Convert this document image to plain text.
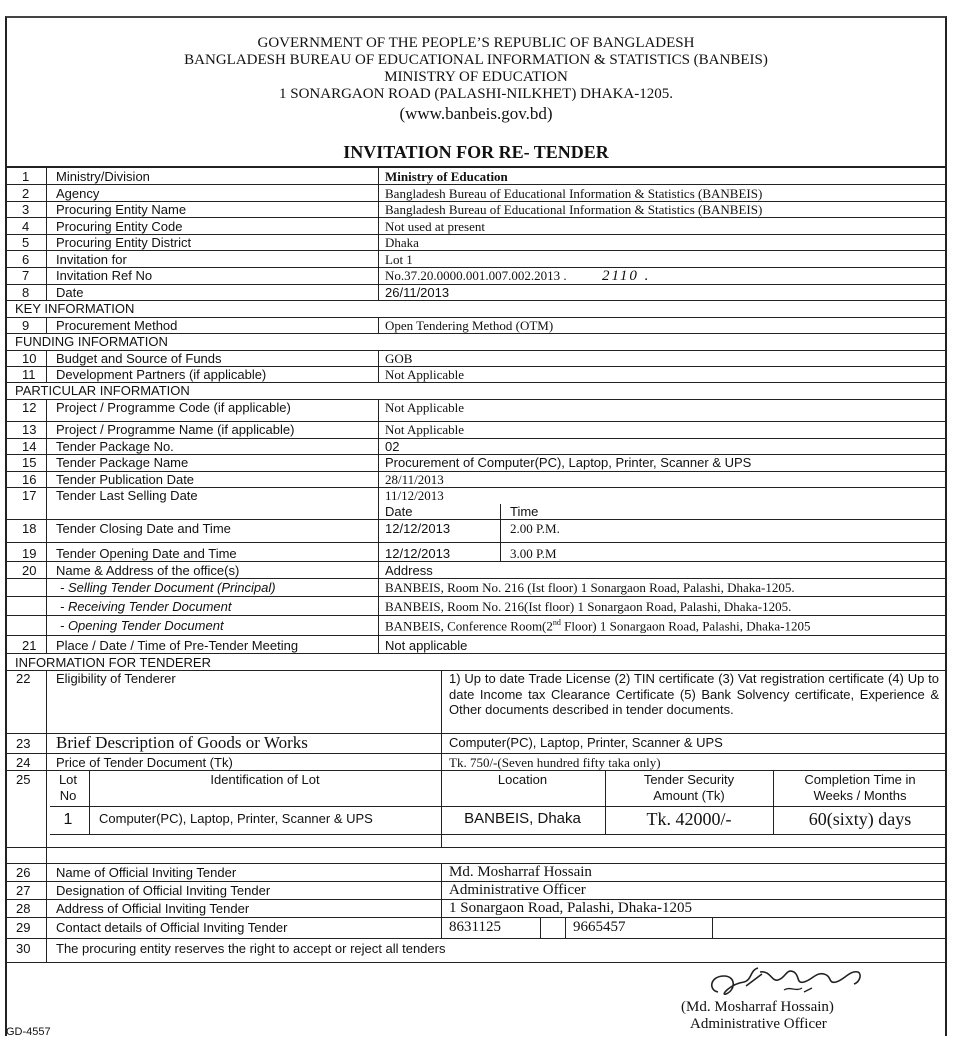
GOVERNMENT OF THE PEOPLE’S REPUBLIC OF BANGLADESH
BANGLADESH BUREAU OF EDUCATIONAL INFORMATION & STATISTICS (BANBEIS)
MINISTRY OF EDUCATION
1 SONARGAON ROAD (PALASHI-NILKHET) DHAKA-1205.
(www.banbeis.gov.bd)
INVITATION FOR RE- TENDER
1 Ministry/Division	Ministry of Education
2 Agency	Bangladesh Bureau of Educational Information & Statistics (BANBEIS)
3 Procuring Entity Name	Bangladesh Bureau of Educational Information & Statistics (BANBEIS)
4 Procuring Entity Code	Not used at present
5 Procuring Entity District	Dhaka
6 Invitation for	Lot 1
7 Invitation Ref No	No.37.20.0000.001.007.002.2013 .
8 Date	26/11/2013
9 Procurement Method	Open Tendering Method (OTM)
10 Budget and Source of Funds	GOB
11 Development Partners (if applicable)	Not Applicable
12 Project / Programme Code (if applicable)	Not Applicable
13 Project / Programme Name (if applicable)	Not Applicable
14 Tender Package No.	02
15 Tender Package Name	Procurement of Computer(PC), Laptop, Printer, Scanner & UPS
16 Tender Publication Date	28/11/2013
17 Tender Last Selling Date	11/12/2013
2110 .
KEY INFORMATION
FUNDING INFORMATION
PARTICULAR INFORMATION
INFORMATION FOR TENDERER
Date	Time
18 Tender Closing Date and Time	12/12/2013	2.00 P.M.
19 Tender Opening Date and Time	12/12/2013	3.00 P.M
20 Name & Address of the office(s)	Address
- Selling Tender Document (Principal)	BANBEIS, Room No. 216 (Ist floor) 1 Sonargaon Road, Palashi, Dhaka-1205.
- Receiving Tender Document	BANBEIS, Room No. 216(Ist floor) 1 Sonargaon Road, Palashi, Dhaka-1205.
- Opening Tender Document	BANBEIS, Conference Room(2nd Floor) 1 Sonargaon Road, Palashi, Dhaka-1205
21 Place / Date / Time of Pre-Tender Meeting	Not applicable
22 Eligibility of Tenderer	1) Up to date Trade License (2) TIN certificate (3) Vat registration certificate (4) Up to date Income tax Clearance Certificate (5) Bank Solvency certificate, Experience & Other documents described in tender documents.
23 Brief Description of Goods or Works	Computer(PC), Laptop, Printer, Scanner & UPS
24 Price of Tender Document (Tk)	Tk. 750/-(Seven hundred fifty taka only)
25 Lot
No
Identification of Lot	Location	Tender Security
Amount (Tk)
Completion Time in
Weeks / Months
1	Computer(PC), Laptop, Printer, Scanner & UPS	BANBEIS, Dhaka	Tk. 42000/-	60(sixty) days
26 Name of Official Inviting Tender	Md. Mosharraf Hossain
27 Designation of Official Inviting Tender	Administrative Officer
28 Address of Official Inviting Tender	1 Sonargaon Road, Palashi, Dhaka-1205
29 Contact details of Official Inviting Tender	8631125	9665457
30 The procuring entity reserves the right to accept or reject all tenders
(Md. Mosharraf Hossain)
Administrative Officer
GD-4557
